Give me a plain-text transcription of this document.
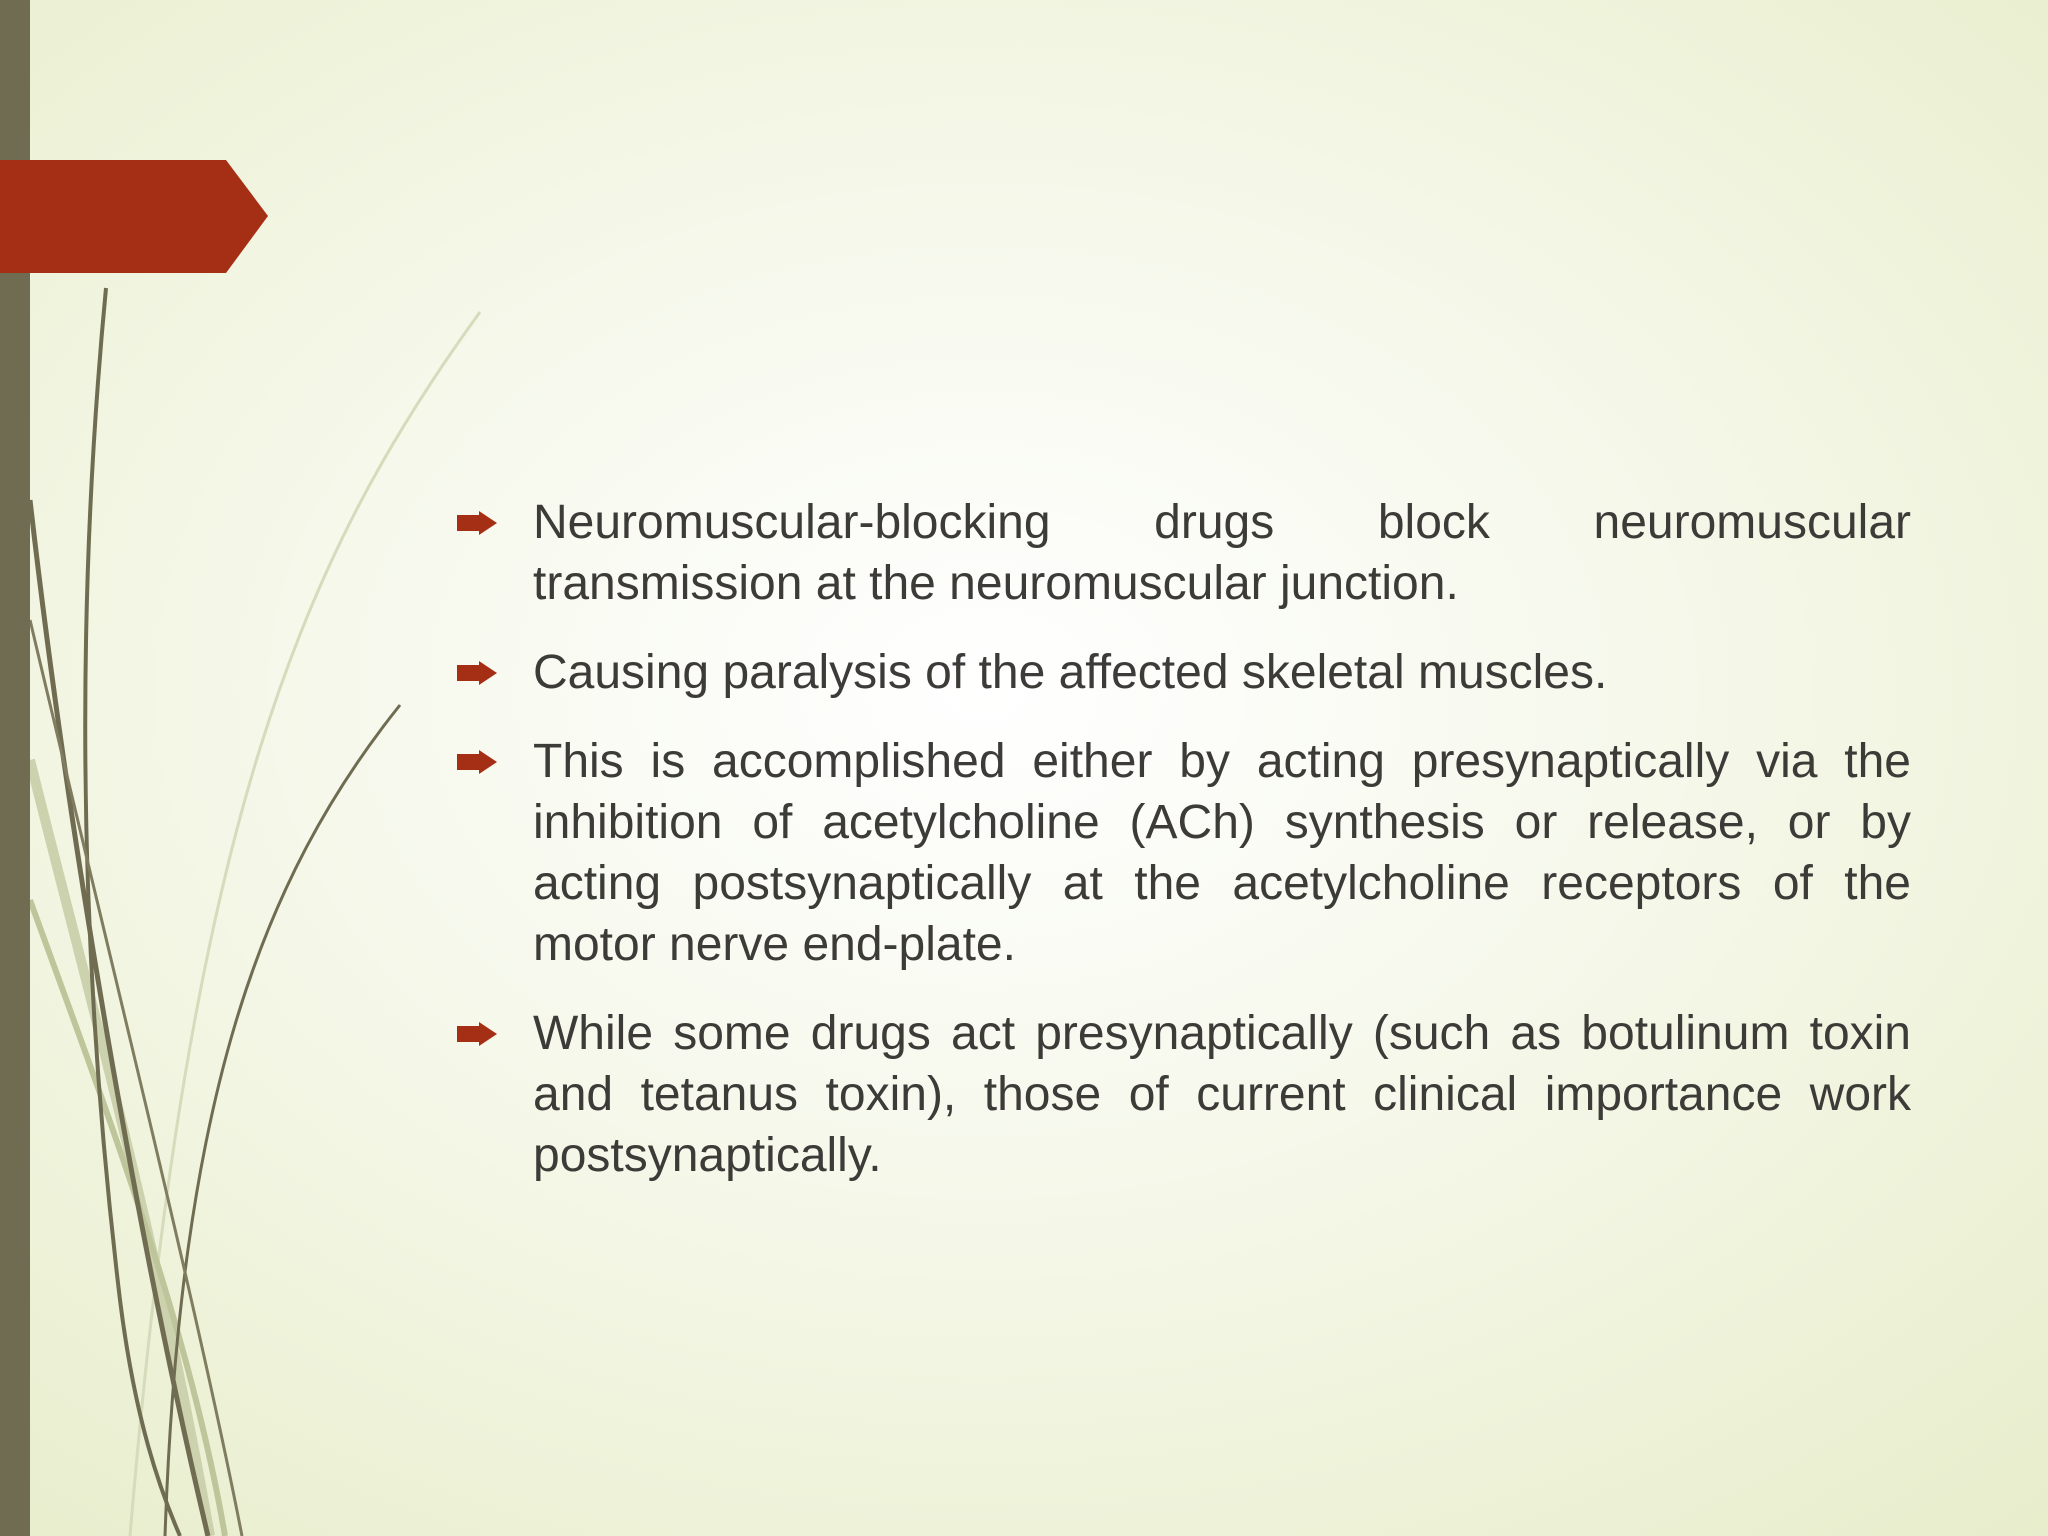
Neuromuscular-blocking drugs block neuromuscular transmission at the neuromuscular junction.
Causing paralysis of the affected skeletal muscles.
This is accomplished either by acting presynaptically via the inhibition of acetylcholine (ACh) synthesis or release, or by acting postsynaptically at the acetylcholine receptors of the motor nerve end-plate.
While some drugs act presynaptically (such as botulinum toxin and tetanus toxin), those of current clinical importance work postsynaptically.
